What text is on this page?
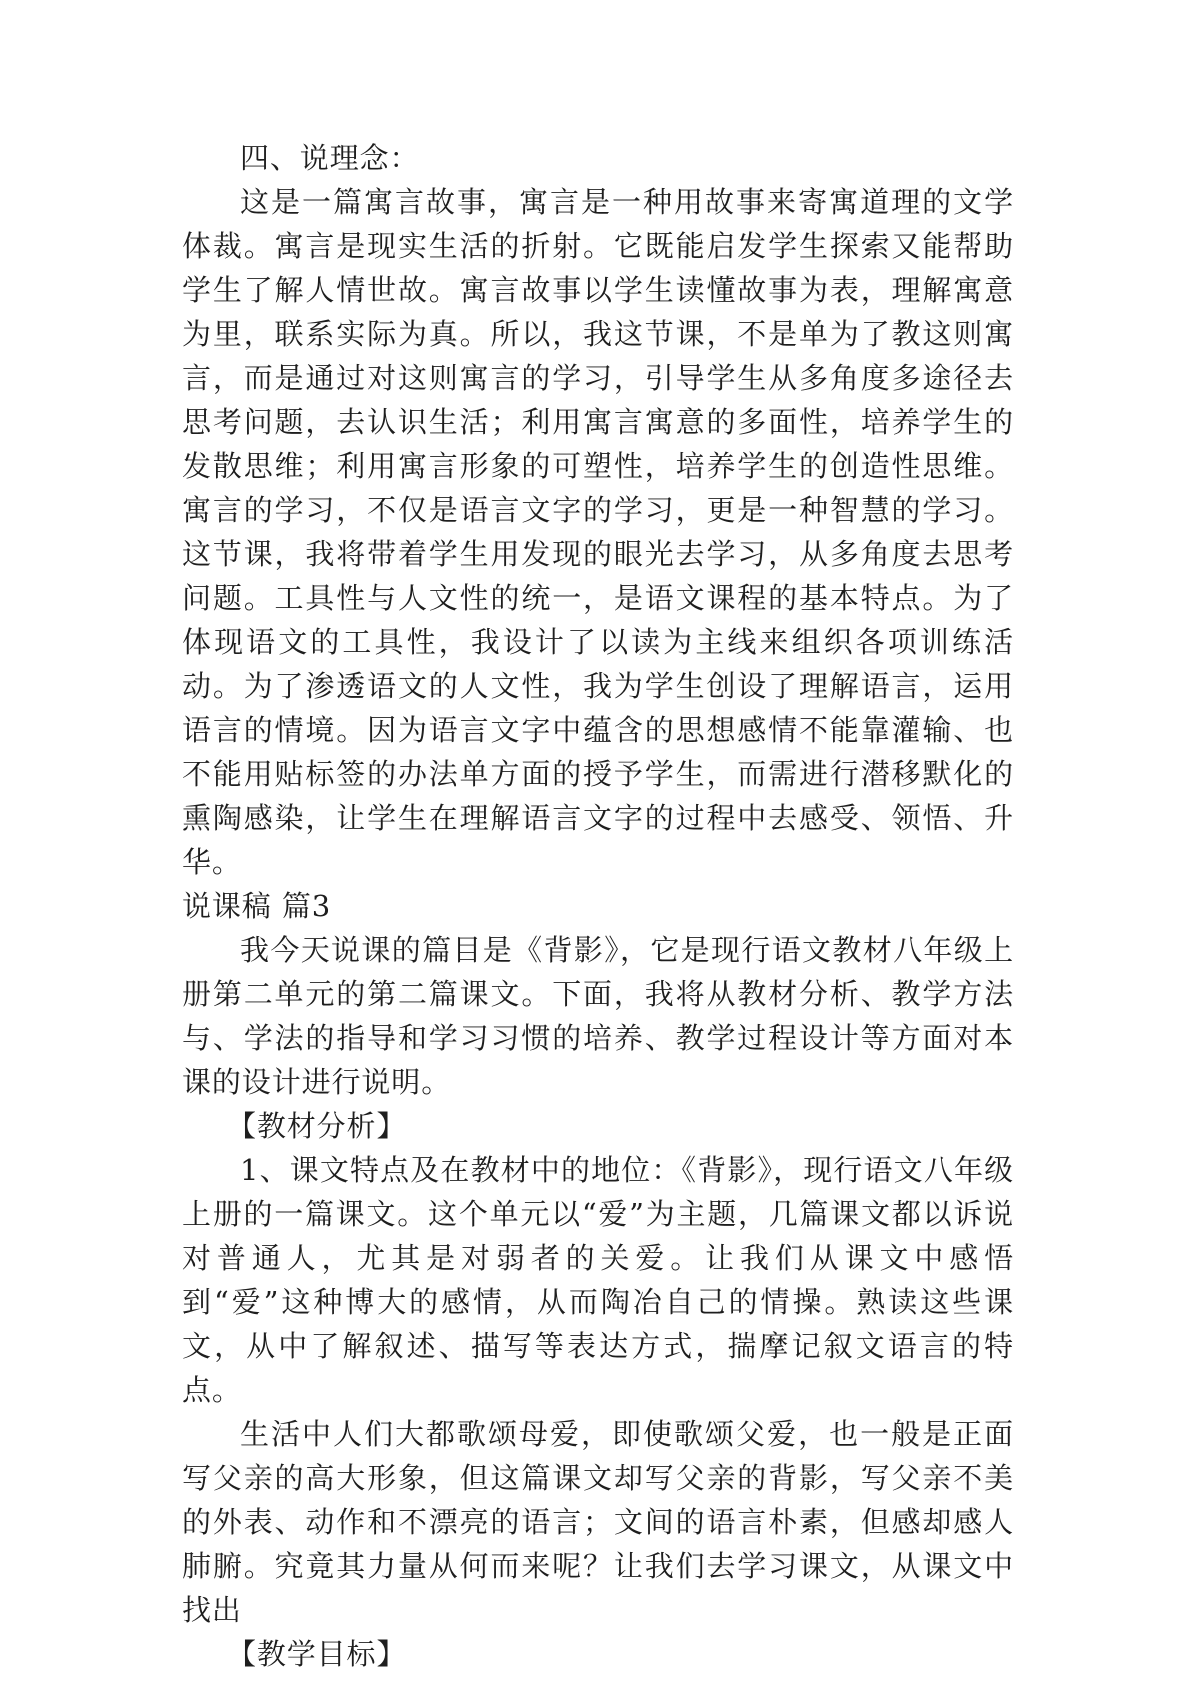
四、说理念：

这是一篇寓言故事，寓言是一种用故事来寄寓道理的文学体裁。寓言是现实生活的折射。它既能启发学生探索又能帮助学生了解人情世故。寓言故事以学生读懂故事为表，理解寓意为里，联系实际为真。所以，我这节课，不是单为了教这则寓言，而是通过对这则寓言的学习，引导学生从多角度多途径去思考问题，去认识生活；利用寓言寓意的多面性，培养学生的发散思维；利用寓言形象的可塑性，培养学生的创造性思维。寓言的学习，不仅是语言文字的学习，更是一种智慧的学习。这节课，我将带着学生用发现的眼光去学习，从多角度去思考问题。工具性与人文性的统一，是语文课程的基本特点。为了体现语文的工具性，我设计了以读为主线来组织各项训练活动。为了渗透语文的人文性，我为学生创设了理解语言，运用语言的情境。因为语言文字中蕴含的思想感情不能靠灌输、也不能用贴标签的办法单方面的授予学生，而需进行潜移默化的熏陶感染，让学生在理解语言文字的过程中去感受、领悟、升华。

说课稿 篇3

我今天说课的篇目是《背影》，它是现行语文教材八年级上册第二单元的第二篇课文。下面，我将从教材分析、教学方法与、学法的指导和学习习惯的培养、教学过程设计等方面对本课的设计进行说明。

【教材分析】

1、课文特点及在教材中的地位：《背影》，现行语文八年级上册的一篇课文。这个单元以“爱”为主题，几篇课文都以诉说对普通人，尤其是对弱者的关爱。让我们从课文中感悟到“爱”这种博大的感情，从而陶冶自己的情操。熟读这些课文，从中了解叙述、描写等表达方式，揣摩记叙文语言的特点。

生活中人们大都歌颂母爱，即使歌颂父爱，也一般是正面写父亲的高大形象，但这篇课文却写父亲的背影，写父亲不美的外表、动作和不漂亮的语言；文间的语言朴素，但感却感人肺腑。究竟其力量从何而来呢？让我们去学习课文，从课文中找出

【教学目标】
